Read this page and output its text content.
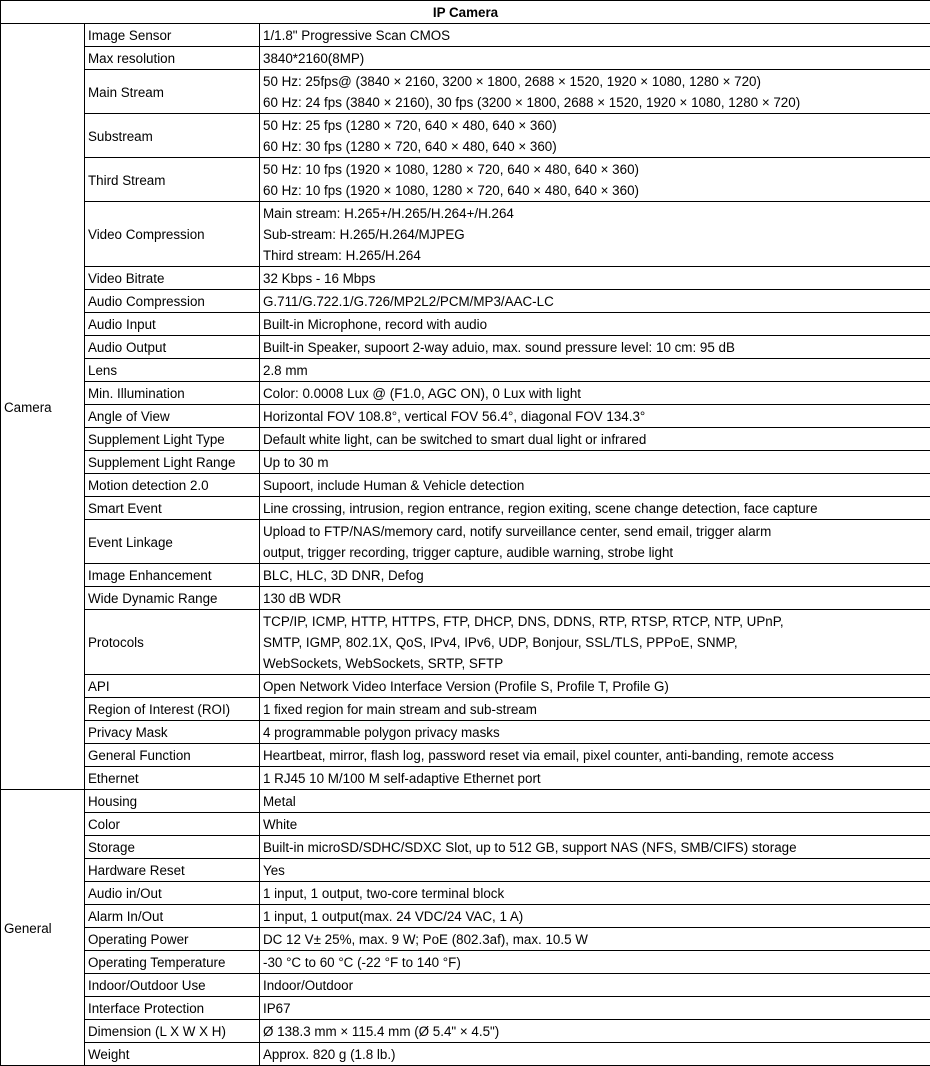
IP Camera		
Camera	Image Sensor	1/1.8" Progressive Scan CMOS

	Max resolution	3840*2160(8MP)

	Main Stream	50 Hz: 25fps@ (3840 × 2160, 3200 × 1800, 2688 × 1520, 1920 × 1080, 1280 × 720)
60 Hz: 24 fps (3840 × 2160), 30 fps (3200 × 1800, 2688 × 1520, 1920 × 1080, 1280 × 720)

	Substream	50 Hz: 25 fps (1280 × 720, 640 × 480, 640 × 360)
60 Hz: 30 fps (1280 × 720, 640 × 480, 640 × 360)

	Third Stream	50 Hz: 10 fps (1920 × 1080, 1280 × 720, 640 × 480, 640 × 360)
60 Hz: 10 fps (1920 × 1080, 1280 × 720, 640 × 480, 640 × 360)

	Video Compression	Main stream: H.265+/H.265/H.264+/H.264
Sub-stream: H.265/H.264/MJPEG
Third stream: H.265/H.264

	Video Bitrate	32 Kbps - 16 Mbps

	Audio Compression	G.711/G.722.1/G.726/MP2L2/PCM/MP3/AAC-LC

	Audio Input	Built-in Microphone, record with audio

	Audio Output	Built-in Speaker, supoort 2-way aduio, max. sound pressure level: 10 cm: 95 dB

	Lens	2.8 mm

	Min. Illumination	Color: 0.0008 Lux @ (F1.0, AGC ON), 0 Lux with light

	Angle of View	Horizontal FOV 108.8°, vertical FOV 56.4°, diagonal FOV 134.3°

	Supplement Light Type	Default white light, can be switched to smart dual light or infrared

	Supplement Light Range	Up to 30 m

	Motion detection 2.0	Supoort, include Human & Vehicle detection

	Smart Event	Line crossing, intrusion, region entrance, region exiting, scene change detection, face capture

	Event Linkage	Upload to FTP/NAS/memory card, notify surveillance center, send email, trigger alarm
output, trigger recording, trigger capture, audible warning, strobe light

	Image Enhancement	BLC, HLC, 3D DNR, Defog

	Wide Dynamic Range	130 dB WDR

	Protocols	TCP/IP, ICMP, HTTP, HTTPS, FTP, DHCP, DNS, DDNS, RTP, RTSP, RTCP, NTP, UPnP,
SMTP, IGMP, 802.1X, QoS, IPv4, IPv6, UDP, Bonjour, SSL/TLS, PPPoE, SNMP,
WebSockets, WebSockets, SRTP, SFTP

	API	Open Network Video Interface Version (Profile S, Profile T, Profile G)

	Region of Interest (ROI)	1 fixed region for main stream and sub-stream

	Privacy Mask	4 programmable polygon privacy masks

	General Function	Heartbeat, mirror, flash log, password reset via email, pixel counter, anti-banding, remote access

	Ethernet	1 RJ45 10 M/100 M self-adaptive Ethernet port

General	Housing	Metal

	Color	White

	Storage	Built-in microSD/SDHC/SDXC Slot, up to 512 GB, support NAS (NFS, SMB/CIFS) storage

	Hardware Reset	Yes

	Audio in/Out	1 input, 1 output, two-core terminal block

	Alarm In/Out	1 input, 1 output(max. 24 VDC/24 VAC, 1 A)

	Operating Power	DC 12 V± 25%, max. 9 W; PoE (802.3af), max. 10.5 W

	Operating Temperature	-30 °C to 60 °C (-22 °F to 140 °F)

	Indoor/Outdoor Use	Indoor/Outdoor

	Interface Protection	IP67

	Dimension (L X W X H)	Ø 138.3 mm × 115.4 mm (Ø 5.4" × 4.5")

	Weight	Approx. 820 g (1.8 lb.)
